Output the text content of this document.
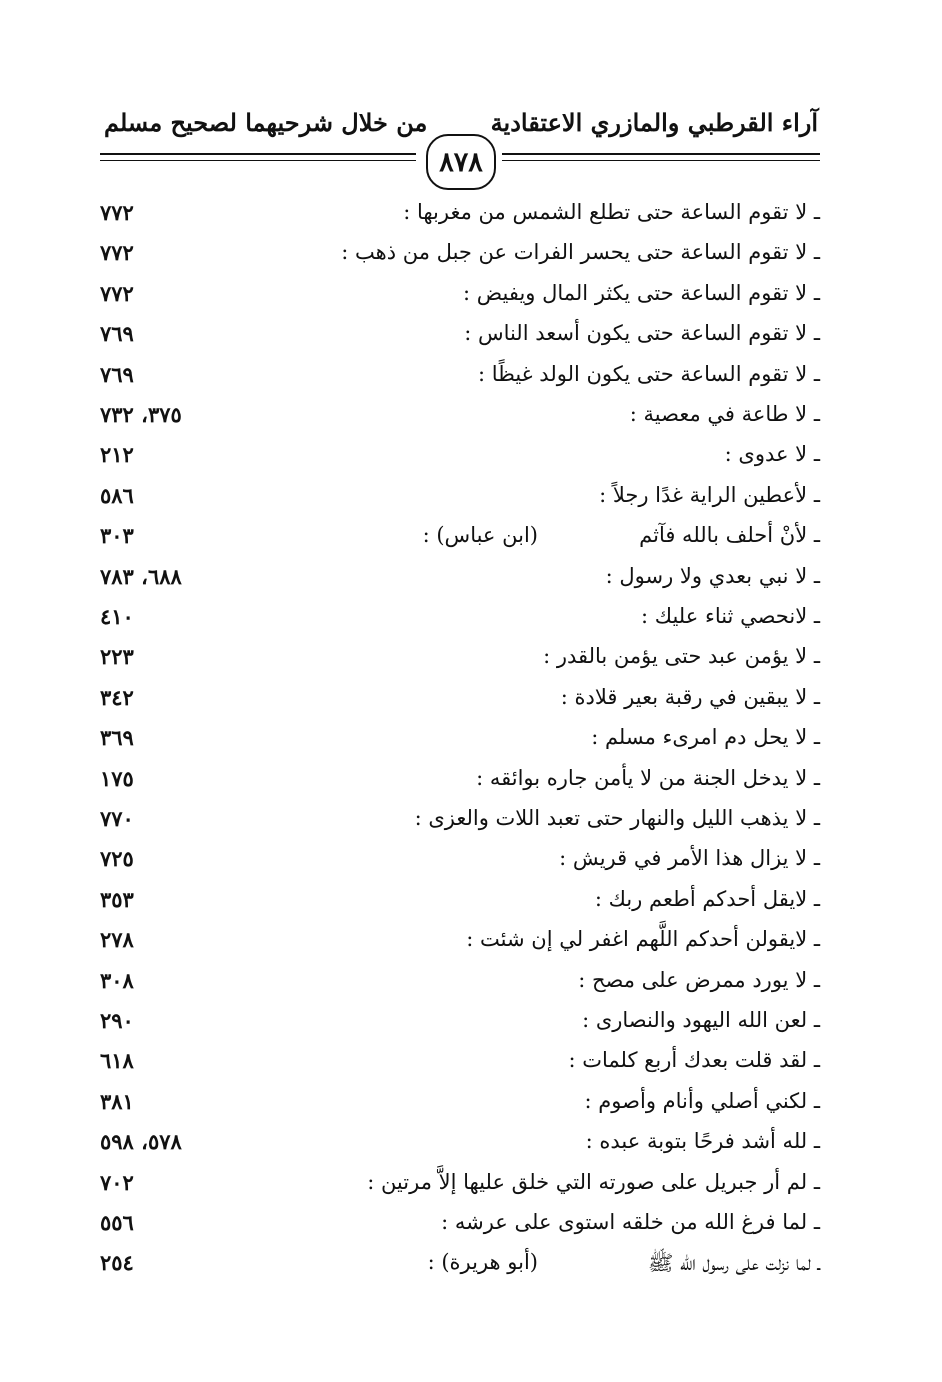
آراء القرطبي والمازري الاعتقادية
من خلال شرحيهما لصحيح مسلم
٨٧٨
ـ لا تقوم الساعة حتى تطلع الشمس من مغربها :
٧٧٢
ـ لا تقوم الساعة حتى يحسر الفرات عن جبل من ذهب :
٧٧٢
ـ لا تقوم الساعة حتى يكثر المال ويفيض :
٧٧٢
ـ لا تقوم الساعة حتى يكون أسعد الناس :
٧٦٩
ـ لا تقوم الساعة حتى يكون الولد غيظًا :
٧٦٩
ـ لا طاعة في معصية :
٣٧٥، ٧٣٢
ـ لا عدوى :
٢١٢
ـ لأعطين الراية غدًا رجلاً :
٥٨٦
ـ لأنْ أحلف بالله فآثم
(ابن عباس) :
٣٠٣
ـ لا نبي بعدي ولا رسول :
٦٨٨، ٧٨٣
ـ لانحصي ثناء عليك :
٤١٠
ـ لا يؤمن عبد حتى يؤمن بالقدر :
٢٢٣
ـ لا يبقين في رقبة بعير قلادة :
٣٤٢
ـ لا يحل دم امرىء مسلم :
٣٦٩
ـ لا يدخل الجنة من لا يأمن جاره بوائقه :
١٧٥
ـ لا يذهب الليل والنهار حتى تعبد اللات والعزى :
٧٧٠
ـ لا يزال هذا الأمر في قريش :
٧٢٥
ـ لايقل أحدكم أطعم ربك :
٣٥٣
ـ لايقولن أحدكم اللَّهم اغفر لي إن شئت :
٢٧٨
ـ لا يورد ممرض على مصح :
٣٠٨
ـ لعن الله اليهود والنصارى :
٢٩٠
ـ لقد قلت بعدك أربع كلمات :
٦١٨
ـ لكني أصلي وأنام وأصوم :
٣٨١
ـ لله أشد فرحًا بتوبة عبده :
٥٧٨، ٥٩٨
ـ لم أر جبريل على صورته التي خلق عليها إلاَّ مرتين :
٧٠٢
ـ لما فرغ الله من خلقه استوى على عرشه :
٥٥٦
ـ لما نزلت على رسول الله ﷺ
(أبو هريرة) :
٢٥٤
